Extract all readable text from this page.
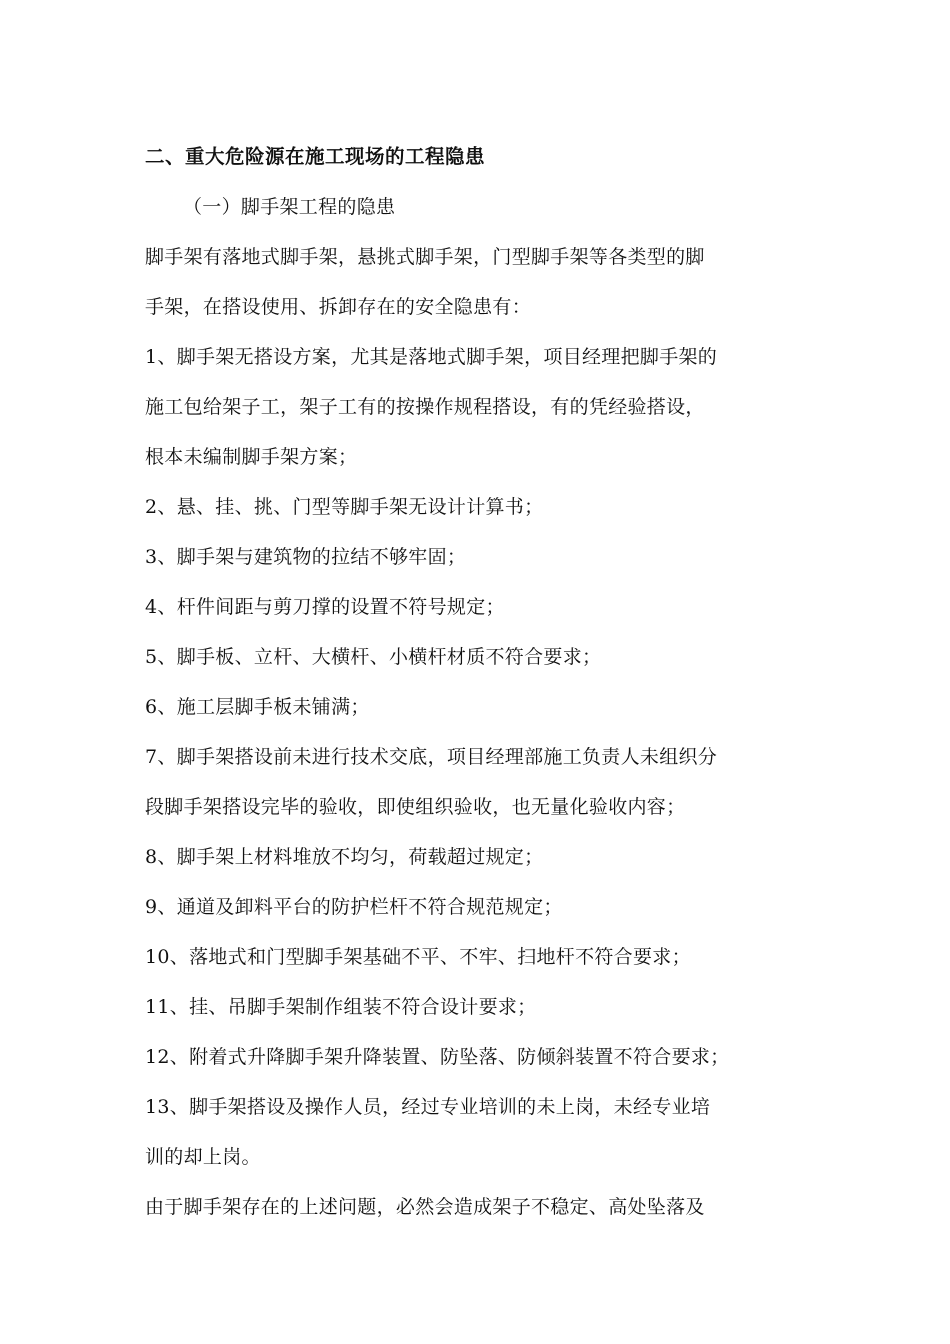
二、重大危险源在施工现场的工程隐患
（一）脚手架工程的隐患
脚手架有落地式脚手架，悬挑式脚手架，门型脚手架等各类型的脚
手架，在搭设使用、拆卸存在的安全隐患有：
1、脚手架无搭设方案，尤其是落地式脚手架，项目经理把脚手架的
施工包给架子工，架子工有的按操作规程搭设，有的凭经验搭设，
根本未编制脚手架方案；
2、悬、挂、挑、门型等脚手架无设计计算书；
3、脚手架与建筑物的拉结不够牢固；
4、杆件间距与剪刀撑的设置不符号规定；
5、脚手板、立杆、大横杆、小横杆材质不符合要求；
6、施工层脚手板未铺满；
7、脚手架搭设前未进行技术交底，项目经理部施工负责人未组织分
段脚手架搭设完毕的验收，即使组织验收，也无量化验收内容；
8、脚手架上材料堆放不均匀，荷载超过规定；
9、通道及卸料平台的防护栏杆不符合规范规定；
10、落地式和门型脚手架基础不平、不牢、扫地杆不符合要求；
11、挂、吊脚手架制作组装不符合设计要求；
12、附着式升降脚手架升降装置、防坠落、防倾斜装置不符合要求；
13、脚手架搭设及操作人员，经过专业培训的未上岗，未经专业培
训的却上岗。
由于脚手架存在的上述问题，必然会造成架子不稳定、高处坠落及
